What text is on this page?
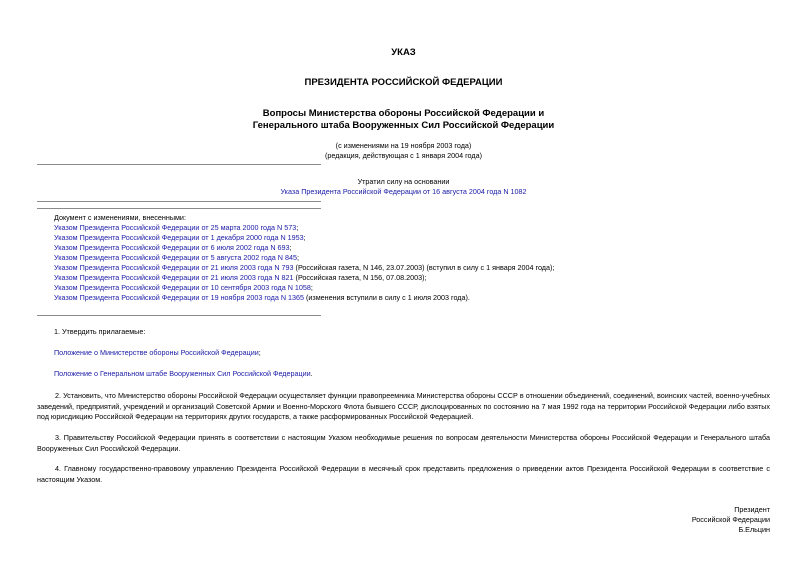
УКАЗ
ПРЕЗИДЕНТА РОССИЙСКОЙ ФЕДЕРАЦИИ
Вопросы Министерства обороны Российской Федерации и
Генерального штаба Вооруженных Сил Российской Федерации
(с изменениями на 19 ноября 2003 года)
(редакция, действующая с 1 января 2004 года)
Утратил силу на основании
Указа Президента Российской Федерации от 16 августа 2004 года N 1082
Документ с изменениями, внесенными:
Указом Президента Российской Федерации от 25 марта 2000 года N 573;
Указом Президента Российской Федерации от 1 декабря 2000 года N 1953;
Указом Президента Российской Федерации от 6 июля 2002 года N 693;
Указом Президента Российской Федерации от 5 августа 2002 года N 845;
Указом Президента Российской Федерации от 21 июля 2003 года N 793 (Российская газета, N 146, 23.07.2003) (вступил в силу с 1 января 2004 года);
Указом Президента Российской Федерации от 21 июля 2003 года N 821 (Российская газета, N 156, 07.08.2003);
Указом Президента Российской Федерации от 10 сентября 2003 года N 1058;
Указом Президента Российской Федерации от 19 ноября 2003 года N 1365 (изменения вступили в силу с 1 июля 2003 года).
1. Утвердить прилагаемые:
Положение о Министерстве обороны Российской Федерации;
Положение о Генеральном штабе Вооруженных Сил Российской Федерации.
2. Установить, что Министерство обороны Российской Федерации осуществляет функции правопреемника Министерства обороны СССР в отношении объединений, соединений, воинских частей, военно-учебных заведений, предприятий, учреждений и организаций Советской Армии и Военно-Морского Флота бывшего СССР, дислоцированных по состоянию на 7 мая 1992 года на территории Российской Федерации либо взятых под юрисдикцию Российской Федерации на территориях других государств, а также расформированных Российской Федерацией.
3. Правительству Российской Федерации принять в соответствии с настоящим Указом необходимые решения по вопросам деятельности Министерства обороны Российской Федерации и Генерального штаба Вооруженных Сил Российской Федерации.
4. Главному государственно-правовому управлению Президента Российской Федерации в месячный срок представить предложения о приведении актов Президента Российской Федерации в соответствие с настоящим Указом.
Президент
Российской Федерации
Б.Ельцин
